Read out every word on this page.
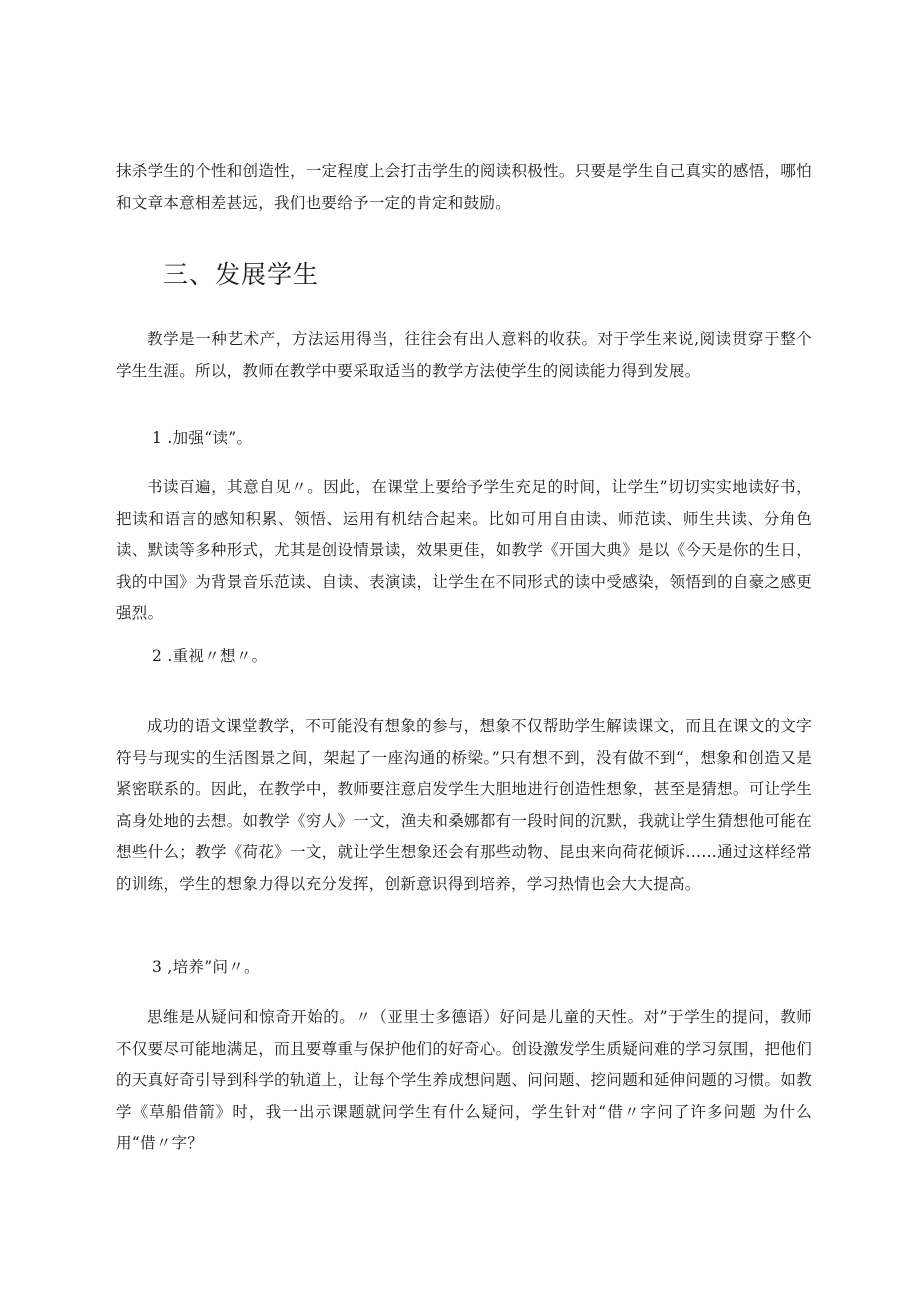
抹杀学生的个性和创造性，一定程度上会打击学生的阅读积极性。只要是学生自己真实的感悟，哪怕和文章本意相差甚远，我们也要给予一定的肯定和鼓励。

三、发展学生

教学是一种艺术产，方法运用得当，往往会有出人意料的收获。对于学生来说,阅读贯穿于整个学生生涯。所以，教师在教学中要采取适当的教学方法使学生的阅读能力得到发展。

1 .加强“读”。

书读百遍，其意自见〃。因此，在课堂上要给予学生充足的时间，让学生”切切实实地读好书，把读和语言的感知积累、领悟、运用有机结合起来。比如可用自由读、师范读、师生共读、分角色读、默读等多种形式，尤其是创设情景读，效果更佳，如教学《开国大典》是以《今天是你的生日，我的中国》为背景音乐范读、自读、表演读，让学生在不同形式的读中受感染，领悟到的自豪之感更强烈。

2 .重视〃想〃。

成功的语文课堂教学，不可能没有想象的参与，想象不仅帮助学生解读课文，而且在课文的文字符号与现实的生活图景之间，架起了一座沟通的桥梁。”只有想不到，没有做不到“，想象和创造又是紧密联系的。因此，在教学中，教师要注意启发学生大胆地进行创造性想象，甚至是猜想。可让学生高身处地的去想。如教学《穷人》一文，渔夫和桑娜都有一段时间的沉默，我就让学生猜想他可能在想些什么；教学《荷花》一文，就让学生想象还会有那些动物、昆虫来向荷花倾诉……通过这样经常的训练，学生的想象力得以充分发挥，创新意识得到培养，学习热情也会大大提高。

3 ,培养”问〃。

思维是从疑问和惊奇开始的。〃（亚里士多德语）好问是儿童的天性。对”于学生的提问，教师不仅要尽可能地满足，而且要尊重与保护他们的好奇心。创设激发学生质疑问难的学习氛围，把他们的天真好奇引导到科学的轨道上，让每个学生养成想问题、问问题、挖问题和延伸问题的习惯。如教学《草船借箭》时，我一出示课题就问学生有什么疑问，学生针对“借〃字问了许多问题 为什么用“借〃字？
